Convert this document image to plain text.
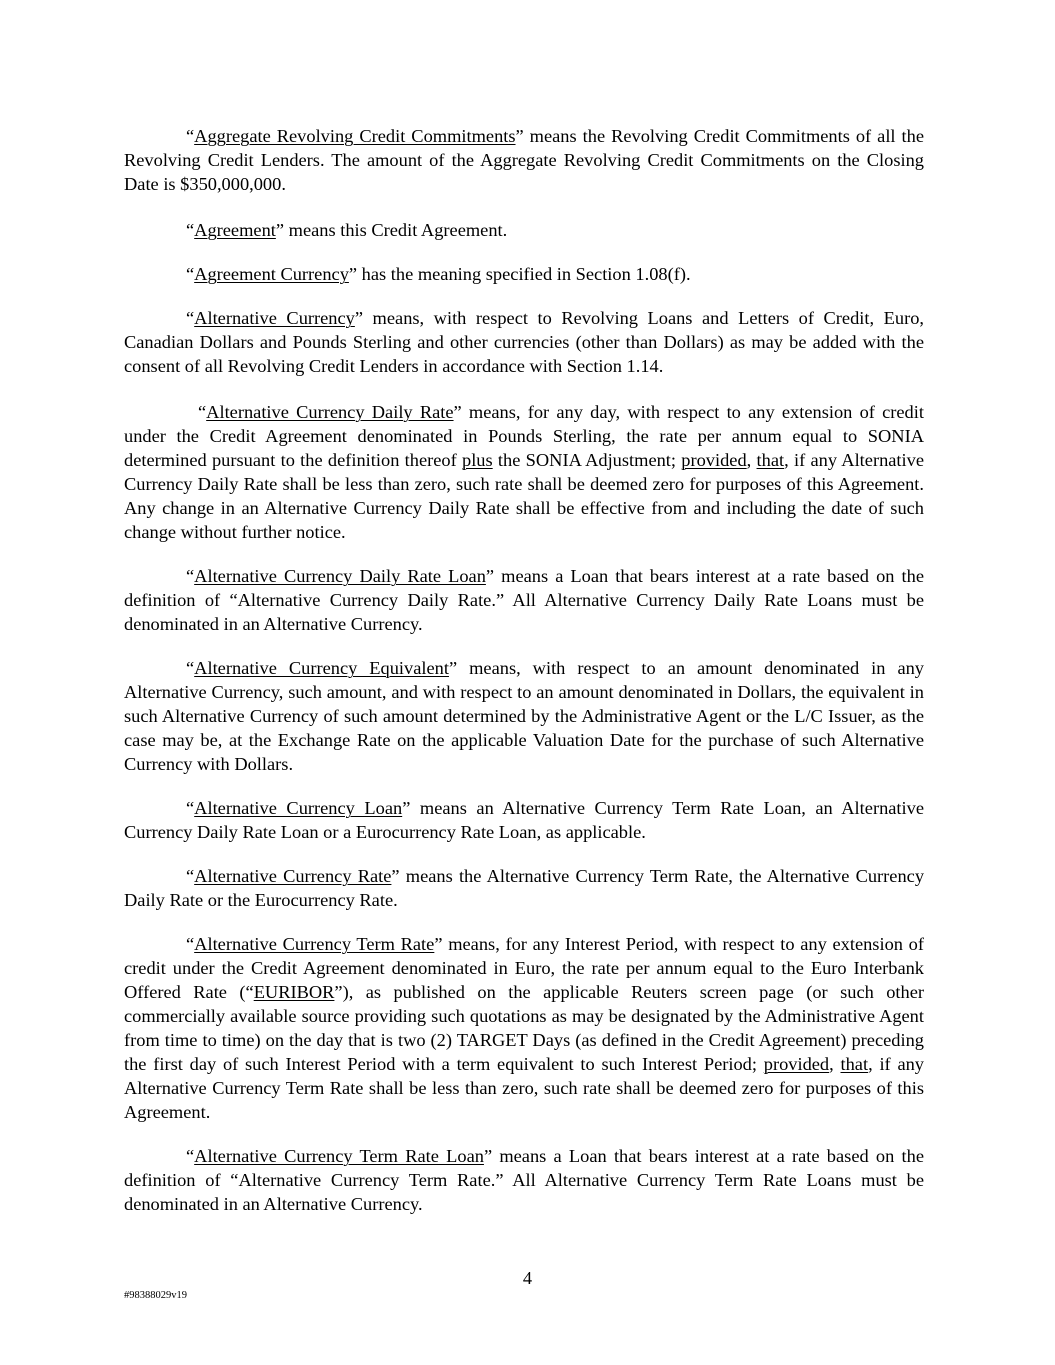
“Aggregate Revolving Credit Commitments” means the Revolving Credit Commitments of all the Revolving Credit Lenders. The amount of the Aggregate Revolving Credit Commitments on the Closing Date is $350,000,000.

“Agreement” means this Credit Agreement.

“Agreement Currency” has the meaning specified in Section 1.08(f).

“Alternative Currency” means, with respect to Revolving Loans and Letters of Credit, Euro, Canadian Dollars and Pounds Sterling and other currencies (other than Dollars) as may be added with the consent of all Revolving Credit Lenders in accordance with Section 1.14.

“Alternative Currency Daily Rate” means, for any day, with respect to any extension of credit under the Credit Agreement denominated in Pounds Sterling, the rate per annum equal to SONIA determined pursuant to the definition thereof plus the SONIA Adjustment; provided, that, if any Alternative Currency Daily Rate shall be less than zero, such rate shall be deemed zero for purposes of this Agreement. Any change in an Alternative Currency Daily Rate shall be effective from and including the date of such change without further notice.

“Alternative Currency Daily Rate Loan” means a Loan that bears interest at a rate based on the definition of “Alternative Currency Daily Rate.” All Alternative Currency Daily Rate Loans must be denominated in an Alternative Currency.

“Alternative Currency Equivalent” means, with respect to an amount denominated in any Alternative Currency, such amount, and with respect to an amount denominated in Dollars, the equivalent in such Alternative Currency of such amount determined by the Administrative Agent or the L/C Issuer, as the case may be, at the Exchange Rate on the applicable Valuation Date for the purchase of such Alternative Currency with Dollars.

“Alternative Currency Loan” means an Alternative Currency Term Rate Loan, an Alternative Currency Daily Rate Loan or a Eurocurrency Rate Loan, as applicable.

“Alternative Currency Rate” means the Alternative Currency Term Rate, the Alternative Currency Daily Rate or the Eurocurrency Rate.

“Alternative Currency Term Rate” means, for any Interest Period, with respect to any extension of credit under the Credit Agreement denominated in Euro, the rate per annum equal to the Euro Interbank Offered Rate (“EURIBOR”), as published on the applicable Reuters screen page (or such other commercially available source providing such quotations as may be designated by the Administrative Agent from time to time) on the day that is two (2) TARGET Days (as defined in the Credit Agreement) preceding the first day of such Interest Period with a term equivalent to such Interest Period; provided, that, if any Alternative Currency Term Rate shall be less than zero, such rate shall be deemed zero for purposes of this Agreement.

“Alternative Currency Term Rate Loan” means a Loan that bears interest at a rate based on the definition of “Alternative Currency Term Rate.” All Alternative Currency Term Rate Loans must be denominated in an Alternative Currency.

4
#98388029v19
